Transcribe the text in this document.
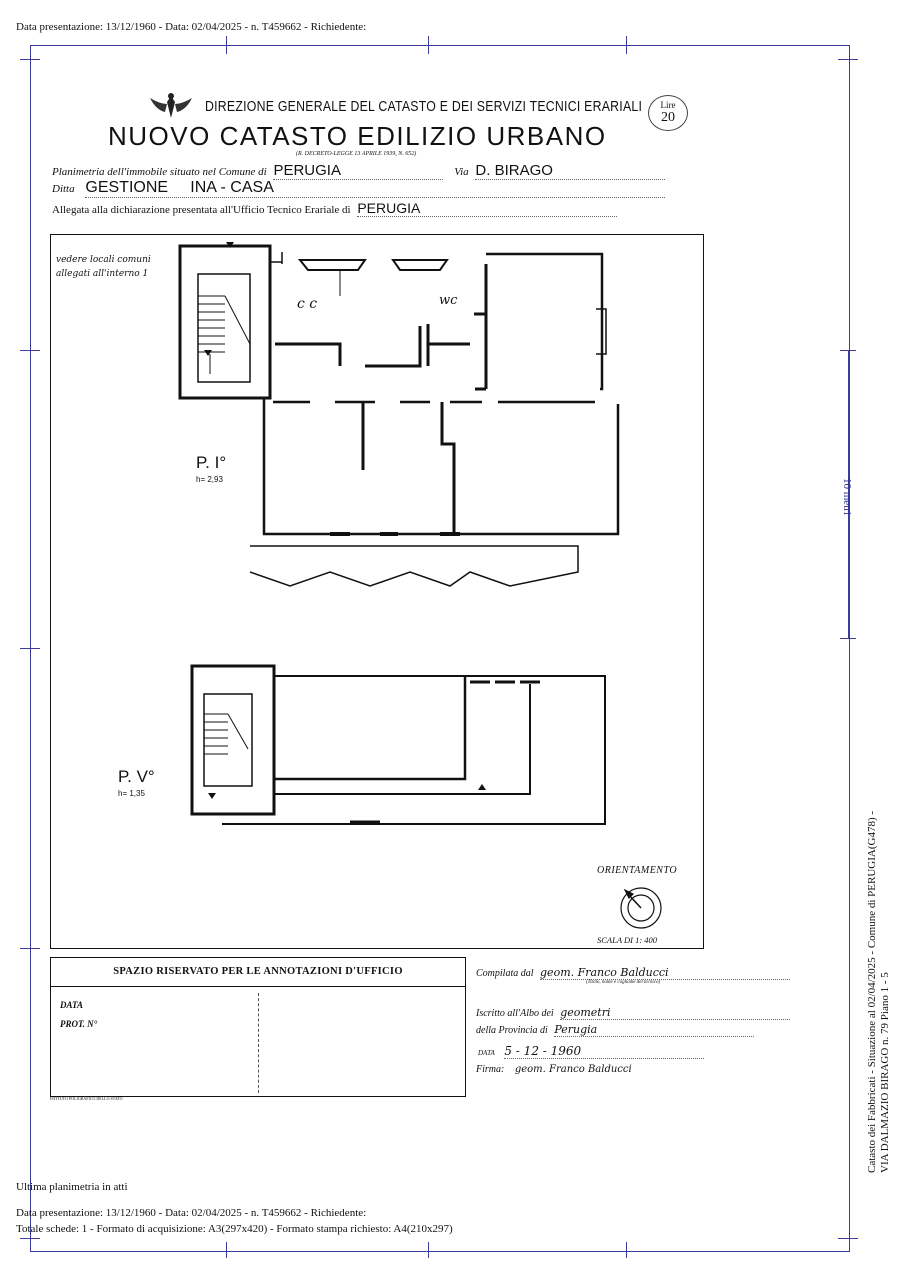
Data presentazione: 13/12/1960 - Data: 02/04/2025 - n. T459662 - Richiedente:
10 metri
Catasto dei Fabbricati - Situazione al 02/04/2025 - Comune di PERUGIA(G478) - VIA DALMAZIO BIRAGO n. 79 Piano 1 - 5
DIREZIONE GENERALE DEL CATASTO E DEI SERVIZI TECNICI ERARIALI	Lire
20
NUOVO CATASTO EDILIZIO URBANO
(R. DECRETO-LEGGE 13 APRILE 1939, N. 652)
Planimetria dell'immobile situato nel Comune di PERUGIA	Via D. BIRAGO
Ditta GESTIONE     INA - CASA
Allegata alla dichiarazione presentata all'Ufficio Tecnico Erariale di PERUGIA
vedere locali comuni
allegati all'interno 1
c c	wc
P. I°
h= 2,93
P. V°
h= 1,35
ORIENTAMENTO
SCALA DI 1: 400
SPAZIO RISERVATO PER LE ANNOTAZIONI D'UFFICIO
DATA
PROT. N°
ISTITUTO POLIGRAFICO DELLO STATO
Compilata dal geom. Franco Balducci
(Titolo, nome e cognome del tecnico)
Iscritto all'Albo dei geometri
della Provincia di Perugia
DATA 5 - 12 - 1960
Firma: geom. Franco Balducci
Ultima planimetria in atti
Data presentazione: 13/12/1960 - Data: 02/04/2025 - n. T459662 - Richiedente:
Totale schede: 1 - Formato di acquisizione: A3(297x420) - Formato stampa richiesto: A4(210x297)
